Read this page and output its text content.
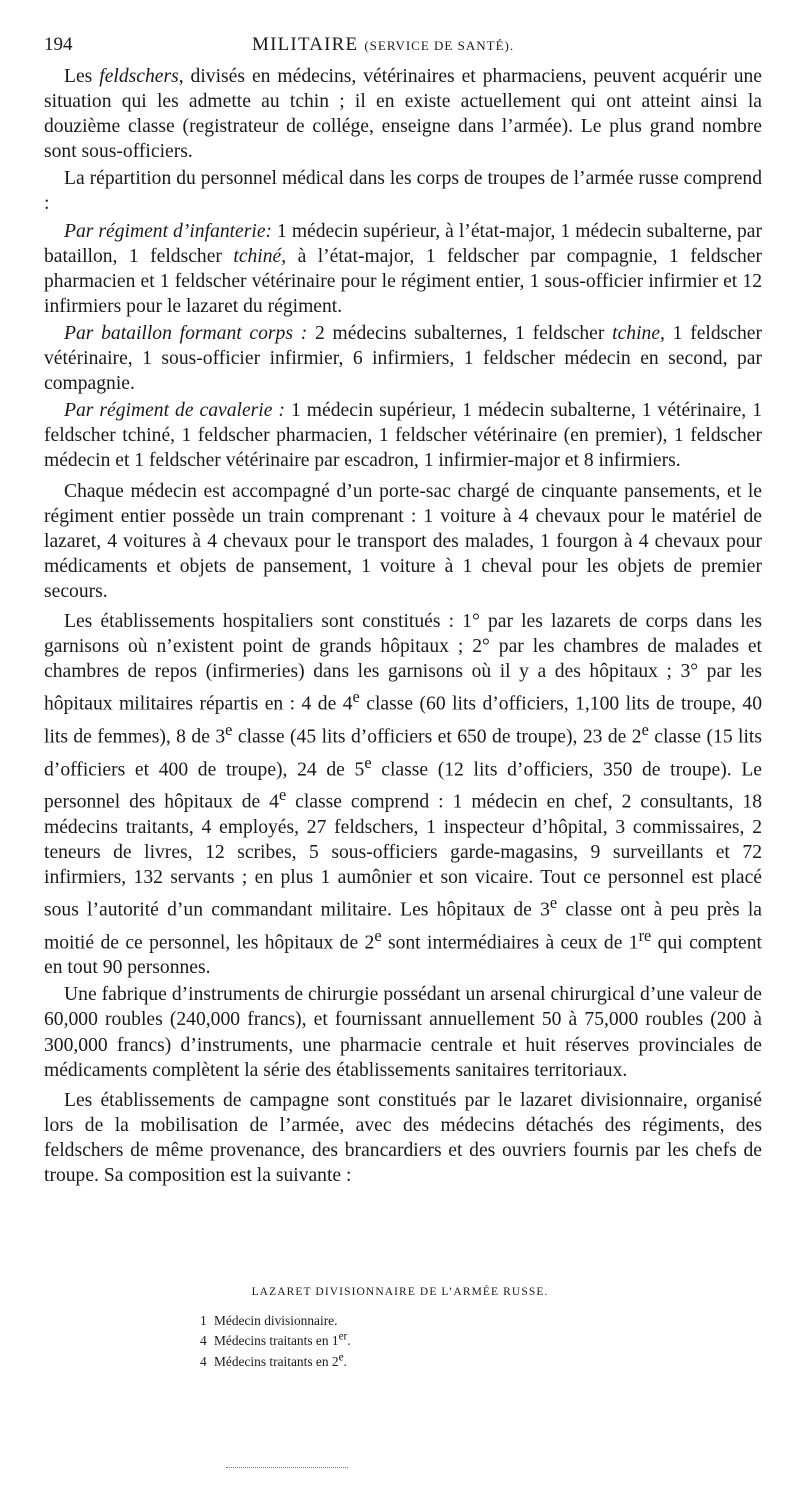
194	MILITAIRE (SERVICE DE SANTÉ).

Les feldschers, divisés en médecins, vétérinaires et pharmaciens, peuvent acquérir une situation qui les admette au tchin ; il en existe actuellement qui ont atteint ainsi la douzième classe (registrateur de collége, enseigne dans l’armée). Le plus grand nombre sont sous-officiers.

La répartition du personnel médical dans les corps de troupes de l’armée russe comprend :

Par régiment d’infanterie: 1 médecin supérieur, à l’état-major, 1 médecin subalterne, par bataillon, 1 feldscher tchiné, à l’état-major, 1 feldscher par compagnie, 1 feldscher pharmacien et 1 feldscher vétérinaire pour le régiment entier, 1 sous-officier infirmier et 12 infirmiers pour le lazaret du régiment.

Par bataillon formant corps : 2 médecins subalternes, 1 feldscher tchine, 1 feldscher vétérinaire, 1 sous-officier infirmier, 6 infirmiers, 1 feldscher médecin en second, par compagnie.

Par régiment de cavalerie : 1 médecin supérieur, 1 médecin subalterne, 1 vétérinaire, 1 feldscher tchiné, 1 feldscher pharmacien, 1 feldscher vétérinaire (en premier), 1 feldscher médecin et 1 feldscher vétérinaire par escadron, 1 infirmier-major et 8 infirmiers.

Chaque médecin est accompagné d’un porte-sac chargé de cinquante pansements, et le régiment entier possède un train comprenant : 1 voiture à 4 chevaux pour le matériel de lazaret, 4 voitures à 4 chevaux pour le transport des malades, 1 fourgon à 4 chevaux pour médicaments et objets de pansement, 1 voiture à 1 cheval pour les objets de premier secours.

Les établissements hospitaliers sont constitués : 1° par les lazarets de corps dans les garnisons où n’existent point de grands hôpitaux ; 2° par les chambres de malades et chambres de repos (infirmeries) dans les garnisons où il y a des hôpitaux ; 3° par les hôpitaux militaires répartis en : 4 de 4e classe (60 lits d’officiers, 1,100 lits de troupe, 40 lits de femmes), 8 de 3e classe (45 lits d’officiers et 650 de troupe), 23 de 2e classe (15 lits d’officiers et 400 de troupe), 24 de 5e classe (12 lits d’officiers, 350 de troupe). Le personnel des hôpitaux de 4e classe comprend : 1 médecin en chef, 2 consultants, 18 médecins traitants, 4 employés, 27 feldschers, 1 inspecteur d’hôpital, 3 commissaires, 2 teneurs de livres, 12 scribes, 5 sous-officiers garde-magasins, 9 surveillants et 72 infirmiers, 132 servants ; en plus 1 aumônier et son vicaire. Tout ce personnel est placé sous l’autorité d’un commandant militaire. Les hôpitaux de 3e classe ont à peu près la moitié de ce personnel, les hôpitaux de 2e sont intermédiaires à ceux de 1re qui comptent en tout 90 personnes.

Une fabrique d’instruments de chirurgie possédant un arsenal chirurgical d’une valeur de 60,000 roubles (240,000 francs), et fournissant annuellement 50 à 75,000 roubles (200 à 300,000 francs) d’instruments, une pharmacie centrale et huit réserves provinciales de médicaments complètent la série des établissements sanitaires territoriaux.

Les établissements de campagne sont constitués par le lazaret divisionnaire, organisé lors de la mobilisation de l’armée, avec des médecins détachés des régiments, des feldschers de même provenance, des brancardiers et des ouvriers fournis par les chefs de troupe. Sa composition est la suivante :

LAZARET DIVISIONNAIRE DE L’ARMÉE RUSSE.
1 Médecin divisionnaire.
4 Médecins traitants en 1er.
4 Médecins traitants en 2e.
